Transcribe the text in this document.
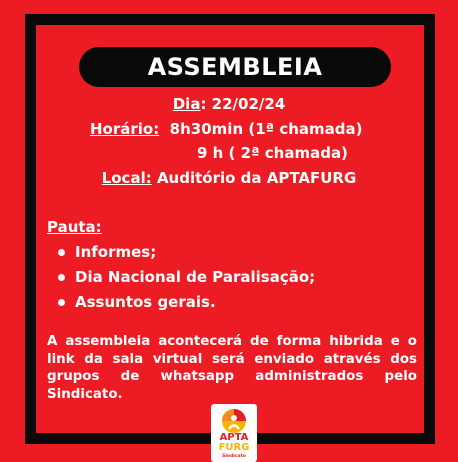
ASSEMBLEIA
Dia: 22/02/24
Horário:  8h30min (1ª chamada)
9 h ( 2ª chamada)
Local: Auditório da APTAFURG
Pauta:
Informes;
Dia Nacional de Paralisação;
Assuntos gerais.
A assembleia acontecerá de forma hibrida e o link da sala virtual será enviado através dos grupos de whatsapp administrados pelo Sindicato.
APTA
FURG
Sindicato
